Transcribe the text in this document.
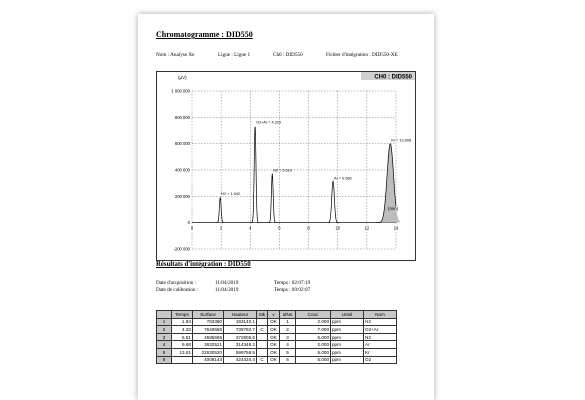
Chromatogramme : DID550
Nom : Analyse Xe	Ligne : Ligne 1	Ch0 : DID550	Fichier d'intégration : DID550-XE
CH0 : DID550
(µV)
1 000 000
800 000
600 000
400 000
200 000
0
-200 000
0	2	4	6	8	10	12	14
H2 = 1.942
O2+Ar = 4.329
N2 = 5.510
Ar = 9.683
Kr = 13.608
(min)
Résultats d'intégration : DID550
Date d'acquisition :	11/04/2019	Temps : 02:07:19
Date de calibration :	11/04/2019	Temps : 09:02:07
	Temps	Surface	Hauteur	Mk	v	IdNo	Conc	Unité	Nom
1	1.94	763390	193140.1		OK	1	2.000	ppm	H2
2	4.33	7640665	738792.7	C	OK	2	7.000	ppm	O2+Ar
3	5.51	4595696	372805.6		OK	3	5.000	ppm	N2
4	9.68	3632521	314348.3		OK	4	2.000	ppm	Ar
5	13.61	22630520	599758.5		OK	5	5.000	ppm	Kr
6		4008144	424434.4	C	OK	6	5.000	ppm	O2
